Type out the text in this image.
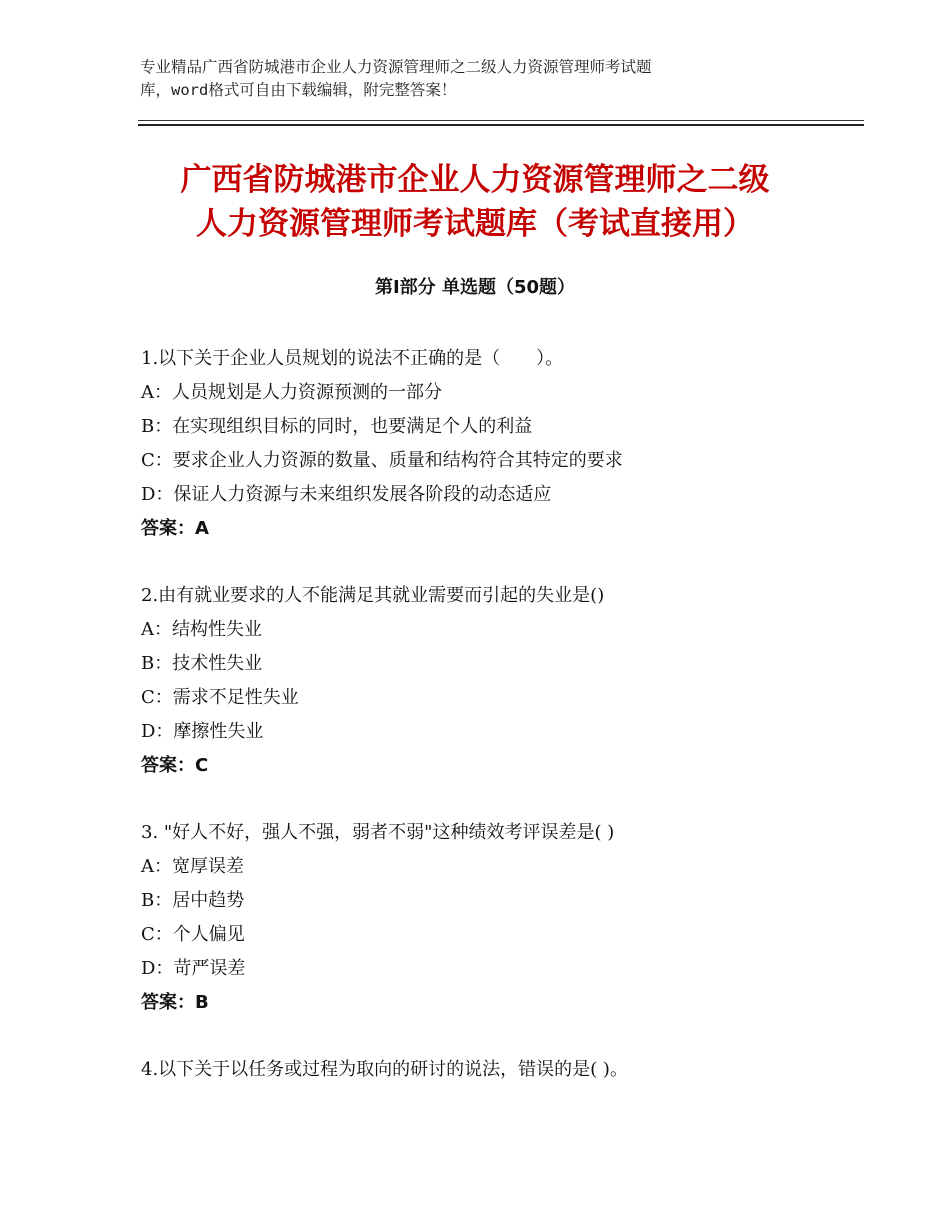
专业精品广西省防城港市企业人力资源管理师之二级人力资源管理师考试题
库，word格式可自由下载编辑，附完整答案！
广西省防城港市企业人力资源管理师之二级
人力资源管理师考试题库（考试直接用）
第Ⅰ部分 单选题（50题）
1.以下关于企业人员规划的说法不正确的是（　　）。
A：人员规划是人力资源预测的一部分
B：在实现组织目标的同时，也要满足个人的利益
C：要求企业人力资源的数量、质量和结构符合其特定的要求
D：保证人力资源与未来组织发展各阶段的动态适应
答案：A
2.由有就业要求的人不能满足其就业需要而引起的失业是()
A：结构性失业
B：技术性失业
C：需求不足性失业
D：摩擦性失业
答案：C
3. "好人不好，强人不强，弱者不弱"这种绩效考评误差是( )
A：宽厚误差
B：居中趋势
C：个人偏见
D：苛严误差
答案：B
4.以下关于以任务或过程为取向的研讨的说法，错误的是( )。
